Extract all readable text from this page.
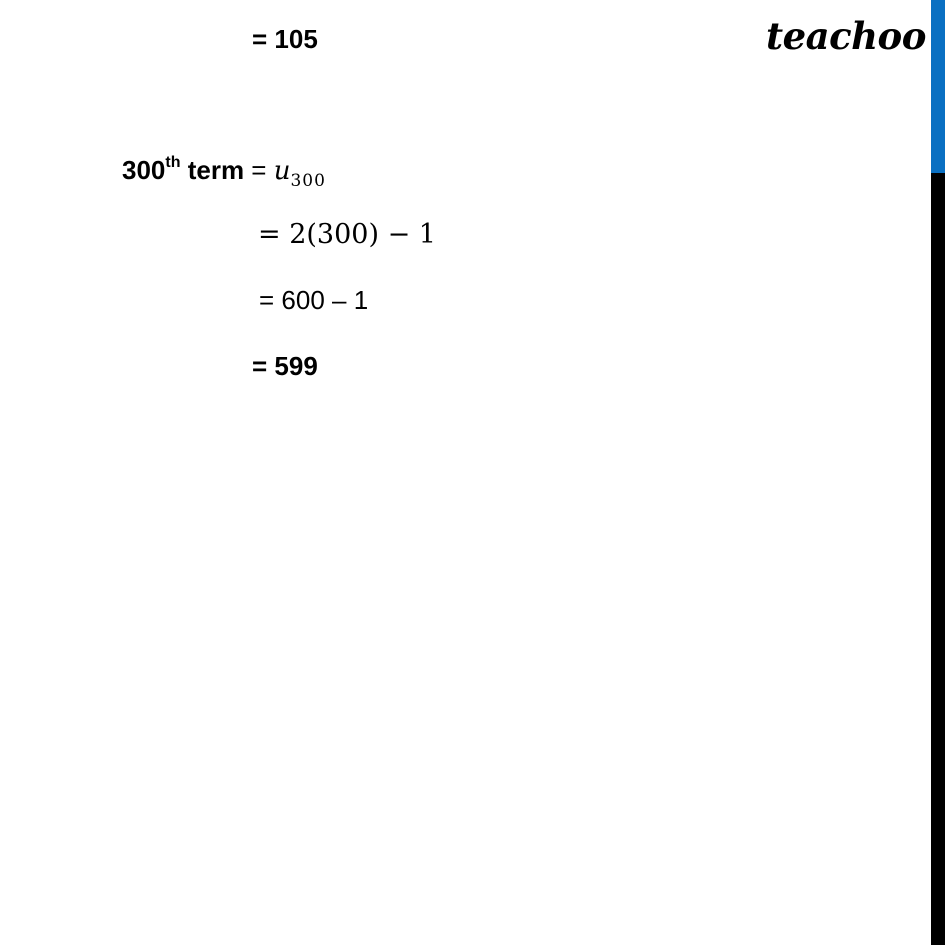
= 105	teachoo
300th term = $u_{300}$
= 2(300) − 1
= 600 – 1
= 599
